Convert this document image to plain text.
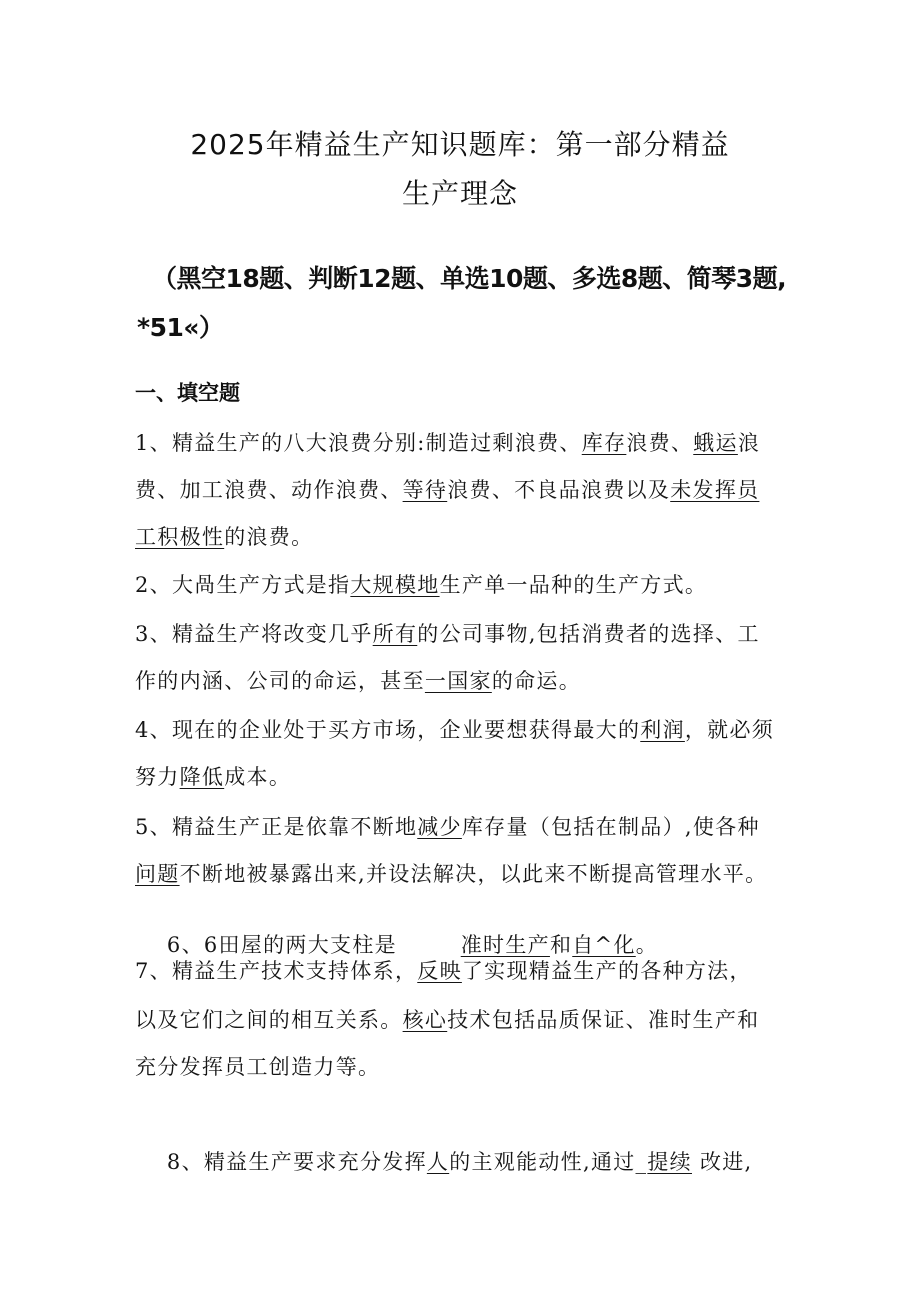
2025年精益生产知识题库：第一部分精益
生产理念
（黑空18题、判断12题、单选10题、多选8题、简琴3题,
*51«）
一、填空题
1、精益生产的八大浪费分别:制造过剩浪费、库存浪费、蛾运浪
费、加工浪费、动作浪费、等待浪费、不良品浪费以及未发挥员
工积极性的浪费。
2、大咼生产方式是指大规模地生产单一品种的生产方式。
3、精益生产将改变几乎所有的公司事物,包括消费者的选择、工
作的内涵、公司的命运，甚至一国家的命运。
4、现在的企业处于买方市场，企业要想获得最大的利润，就必须
努力降低成本。
5、精益生产正是依靠不断地减少库存量（包括在制品）,使各种
问题不断地被暴露出来,并设法解决，以此来不断提高管理水平。

6、6田屋的两大支柱是        准时生产和自^化。

7、精益生产技术支持体系，反映了实现精益生产的各种方法，
以及它们之间的相互关系。核心技术包括品质保证、准时生产和
充分发挥员工创造力等。

8、精益生产要求充分发挥人的主观能动性,通过_提续 改进,
